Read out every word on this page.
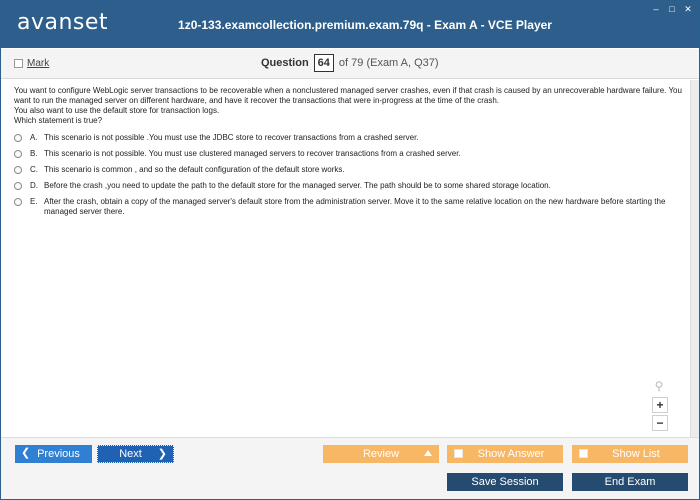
avanset	1z0-133.examcollection.premium.exam.79q - Exam A - VCE Player
– □ ✕
Mark	Question 64 of 79 (Exam A, Q37)

You want to configure WebLogic server transactions to be recoverable when a nonclustered managed server crashes, even if that crash is caused by an unrecoverable hardware failure. You want to run the managed server on different hardware, and have it recover the transactions that were in-progress at the time of the crash.

You also want to use the default store for transaction logs.

Which statement is true?

A. This scenario is not possible .You must use the JDBC store to recover transactions from a crashed server.
B. This scenario is not possible. You must use clustered managed servers to recover transactions from a crashed server.
C. This scenario is common , and so the default configuration of the default store works.
D. Before the crash ,you need to update the path to the default store for the managed server. The path should be to some shared storage location.
E. After the crash, obtain a copy of the managed server's default store from the administration server. Move it to the same relative location on the new hardware before starting the managed server there.
⚲
+
−
❮ Previous	Next	❯	Review	Show Answer	Show List
Save Session	End Exam
